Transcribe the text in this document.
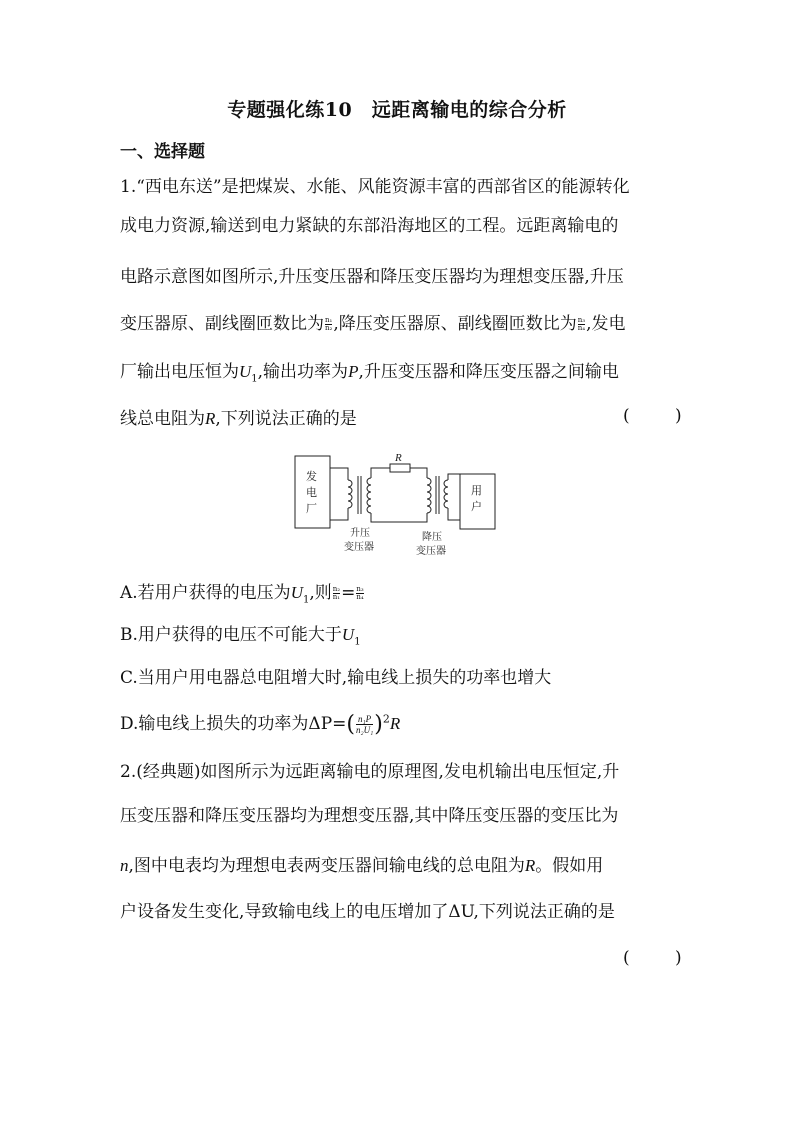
专题强化练10　远距离输电的综合分析
一、选择题
1.“西电东送”是把煤炭、水能、风能资源丰富的西部省区的能源转化
成电力资源,输送到电力紧缺的东部沿海地区的工程。远距离输电的
电路示意图如图所示,升压变压器和降压变压器均为理想变压器,升压
变压器原、副线圈匝数比为 $\frac{\text{n₁}}{\text{n₂}}$ ,降压变压器原、副线圈匝数比为 $\frac{\text{n₃}}{\text{n₄}}$ ,发电
厂输出电压恒为$U_1$,输出功率为P,升压变压器和降压变压器之间输电
线总电阻为R,下列说法正确的是	( )
发
电
厂
用
户
R
升压
变压器
降压
变压器
A.若用户获得的电压为$U_1$,则 $\frac{\text{n₂}}{\text{n₁}} = \frac{\text{n₃}}{\text{n₄}}$
B.用户获得的电压不可能大于$U_1$
C.当用户用电器总电阻增大时,输电线上损失的功率也增大
D.输电线上损失的功率为$\Delta P=( \frac{\text{n₁P}}{\text{n₂U₁}} )^2R$
2.(经典题)如图所示为远距离输电的原理图,发电机输出电压恒定,升
压变压器和降压变压器均为理想变压器,其中降压变压器的变压比为
n,图中电表均为理想电表两变压器间输电线的总电阻为R。假如用
户设备发生变化,导致输电线上的电压增加了ΔU,下列说法正确的是
( )
